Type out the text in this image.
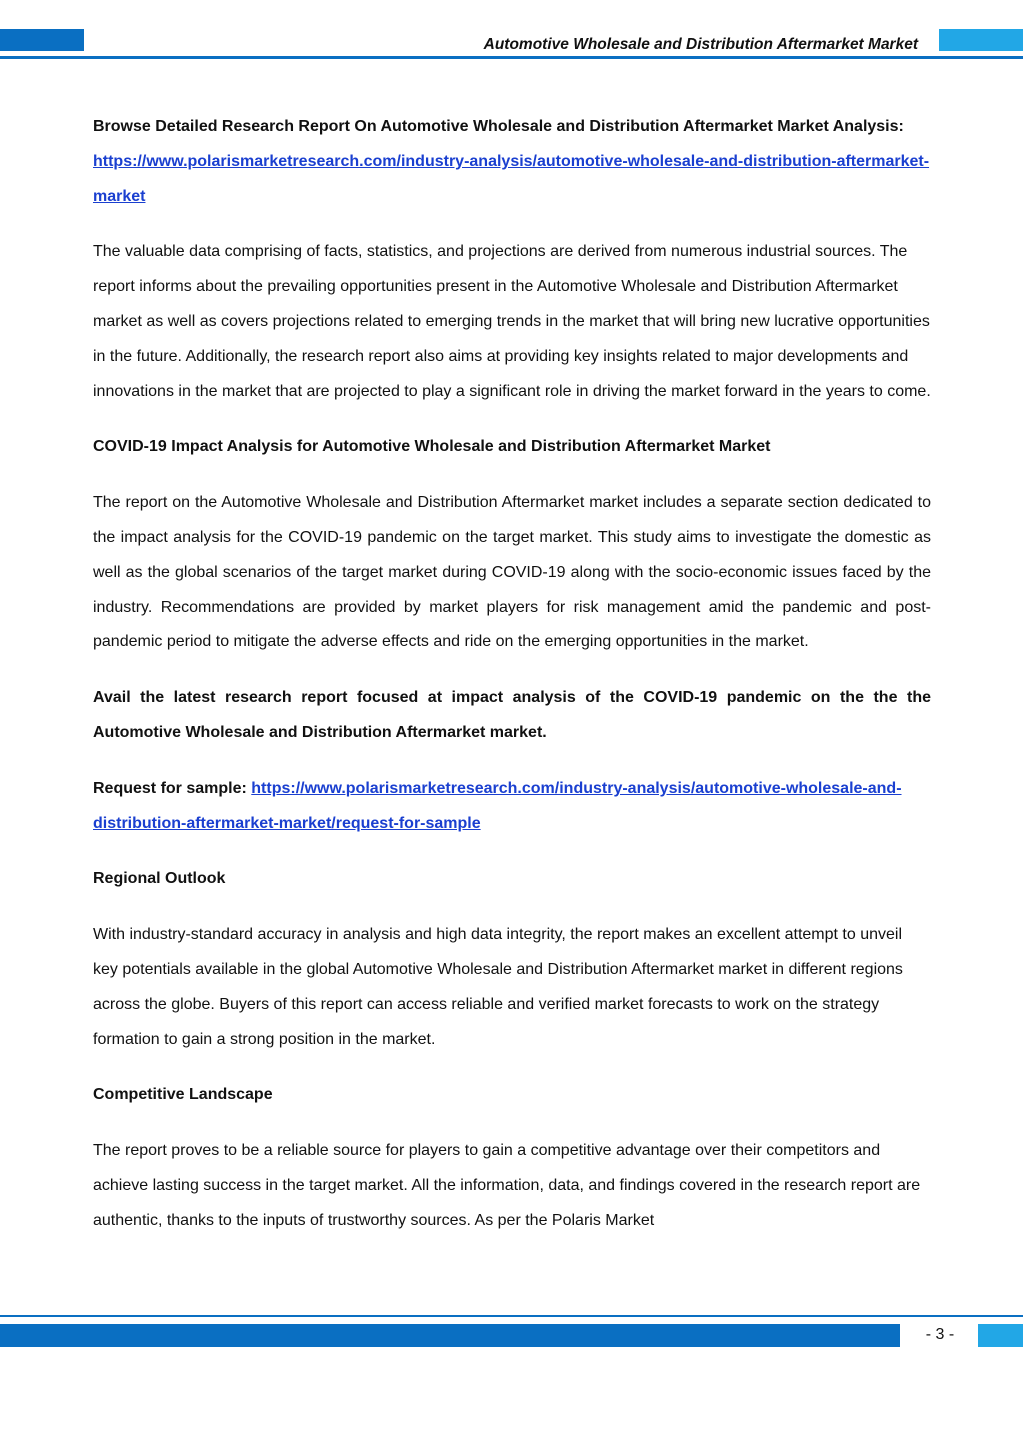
Automotive Wholesale and Distribution Aftermarket Market

Browse Detailed Research Report On Automotive Wholesale and Distribution Aftermarket Market Analysis: https://www.polarismarketresearch.com/industry-analysis/automotive-wholesale-and-distribution-aftermarket-market

The valuable data comprising of facts, statistics, and projections are derived from numerous industrial sources. The report informs about the prevailing opportunities present in the Automotive Wholesale and Distribution Aftermarket market as well as covers projections related to emerging trends in the market that will bring new lucrative opportunities in the future. Additionally, the research report also aims at providing key insights related to major developments and innovations in the market that are projected to play a significant role in driving the market forward in the years to come.

COVID-19 Impact Analysis for Automotive Wholesale and Distribution Aftermarket Market

The report on the Automotive Wholesale and Distribution Aftermarket market includes a separate section dedicated to the impact analysis for the COVID-19 pandemic on the target market. This study aims to investigate the domestic as well as the global scenarios of the target market during COVID-19 along with the socio-economic issues faced by the industry. Recommendations are provided by market players for risk management amid the pandemic and post-pandemic period to mitigate the adverse effects and ride on the emerging opportunities in the market.

Avail the latest research report focused at impact analysis of the COVID-19 pandemic on the the the Automotive Wholesale and Distribution Aftermarket market.

Request for sample: https://www.polarismarketresearch.com/industry-analysis/automotive-wholesale-and-distribution-aftermarket-market/request-for-sample

Regional Outlook

With industry-standard accuracy in analysis and high data integrity, the report makes an excellent attempt to unveil key potentials available in the global Automotive Wholesale and Distribution Aftermarket market in different regions across the globe. Buyers of this report can access reliable and verified market forecasts to work on the strategy formation to gain a strong position in the market.

Competitive Landscape

The report proves to be a reliable source for players to gain a competitive advantage over their competitors and achieve lasting success in the target market. All the information, data, and findings covered in the research report are authentic, thanks to the inputs of trustworthy sources. As per the Polaris Market

- 3 -
